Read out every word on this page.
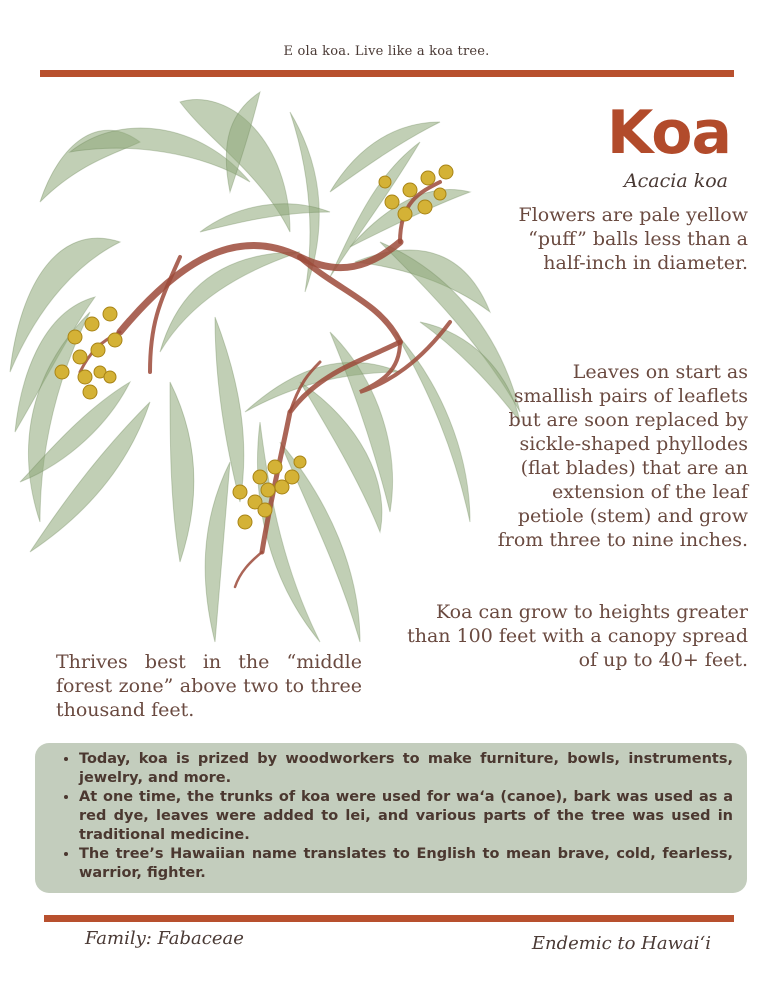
E ola koa. Live like a koa tree.
Koa
Acacia koa

Flowers are pale yellow “puff” balls less than a half-inch in diameter.

Leaves on start as smallish pairs of leaflets but are soon replaced by sickle-shaped phyllodes (flat blades) that are an extension of the leaf petiole (stem) and grow from three to nine inches.

Koa can grow to heights greater than 100 feet with a canopy spread of up to 40+ feet.

Thrives best in the “middle forest zone” above two to three thousand feet.

• Today, koa is prized by woodworkers to make furniture, bowls, instruments, jewelry, and more.
• At one time, the trunks of koa were used for waʻa (canoe), bark was used as a red dye, leaves were added to lei, and various parts of the tree was used in traditional medicine.
• The tree’s Hawaiian name translates to English to mean brave, cold, fearless, warrior, fighter.
Family: Fabaceae	Endemic to Hawaiʻi
